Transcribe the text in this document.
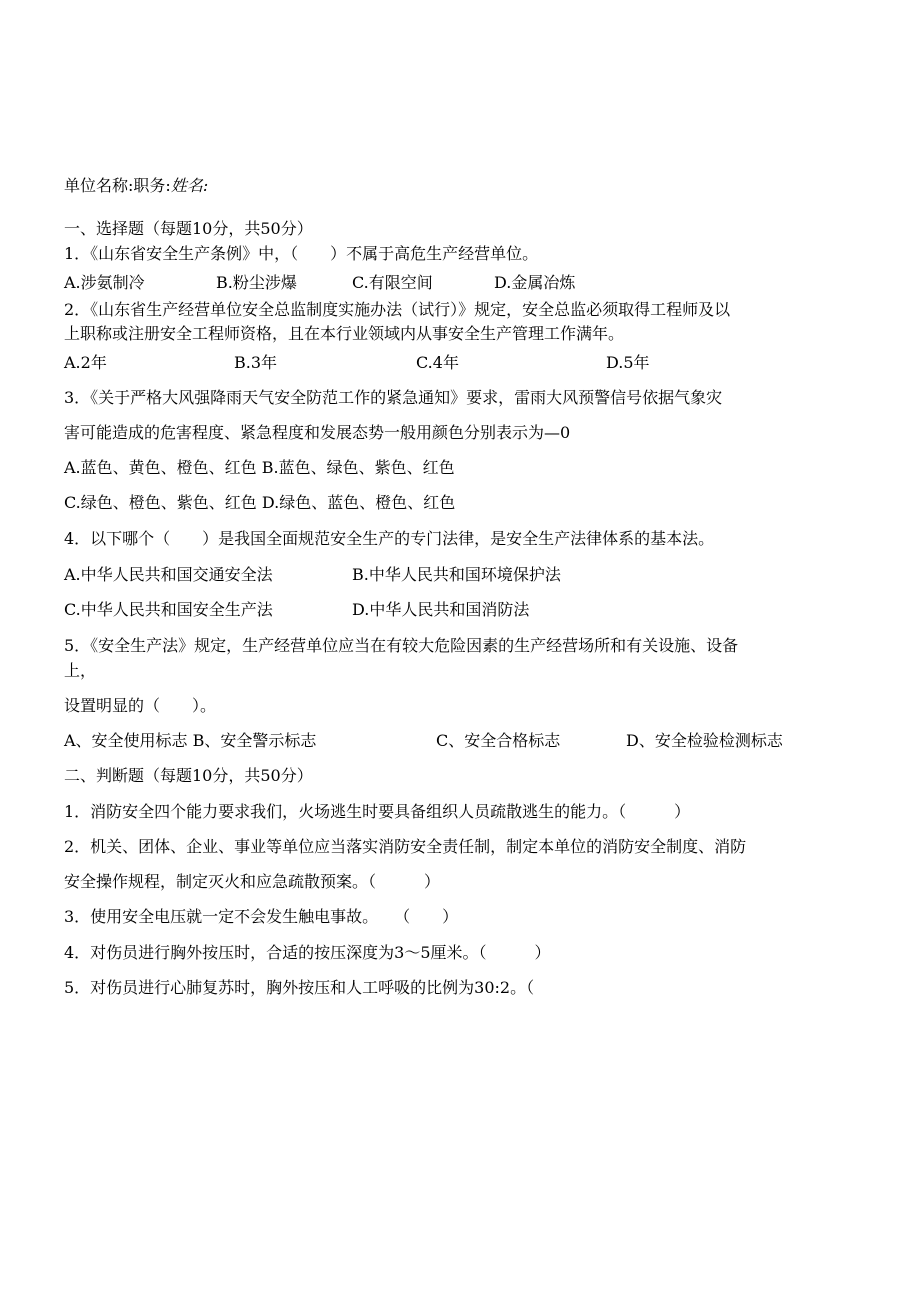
单位名称:职务:姓名:
一、选择题（每题10分，共50分）
1．《山东省安全生产条例》中，（　　）不属于高危生产经营单位。
A.涉氨制冷	B.粉尘涉爆	C.有限空间	D.金属冶炼
2．《山东省生产经营单位安全总监制度实施办法（试行）》规定，安全总监必须取得工程师及以
上职称或注册安全工程师资格，且在本行业领域内从事安全生产管理工作满年。
A.2年	B.3年	C.4年	D.5年
3．《关于严格大风强降雨天气安全防范工作的紧急通知》要求，雷雨大风预警信号依据气象灾
害可能造成的危害程度、紧急程度和发展态势一般用颜色分别表示为—0
A.蓝色、黄色、橙色、红色 B.蓝色、绿色、紫色、红色
C.绿色、橙色、紫色、红色 D.绿色、蓝色、橙色、红色
4．以下哪个（　　）是我国全面规范安全生产的专门法律，是安全生产法律体系的基本法。
A.中华人民共和国交通安全法	B.中华人民共和国环境保护法
C.中华人民共和国安全生产法	D.中华人民共和国消防法
5．《安全生产法》规定，生产经营单位应当在有较大危险因素的生产经营场所和有关设施、设备
上，
设置明显的（　　）。
A、安全使用标志 B、安全警示标志	C、安全合格标志	D、安全检验检测标志
二、判断题（每题10分，共50分）
1．消防安全四个能力要求我们，火场逃生时要具备组织人员疏散逃生的能力。（　　　）
2．机关、团体、企业、事业等单位应当落实消防安全责任制，制定本单位的消防安全制度、消防
安全操作规程，制定灭火和应急疏散预案。（　　　）
3．使用安全电压就一定不会发生触电事故。　　（　　）
4．对伤员进行胸外按压时，合适的按压深度为3～5厘米。（　　　）
5．对伤员进行心肺复苏时，胸外按压和人工呼吸的比例为30:2。（
